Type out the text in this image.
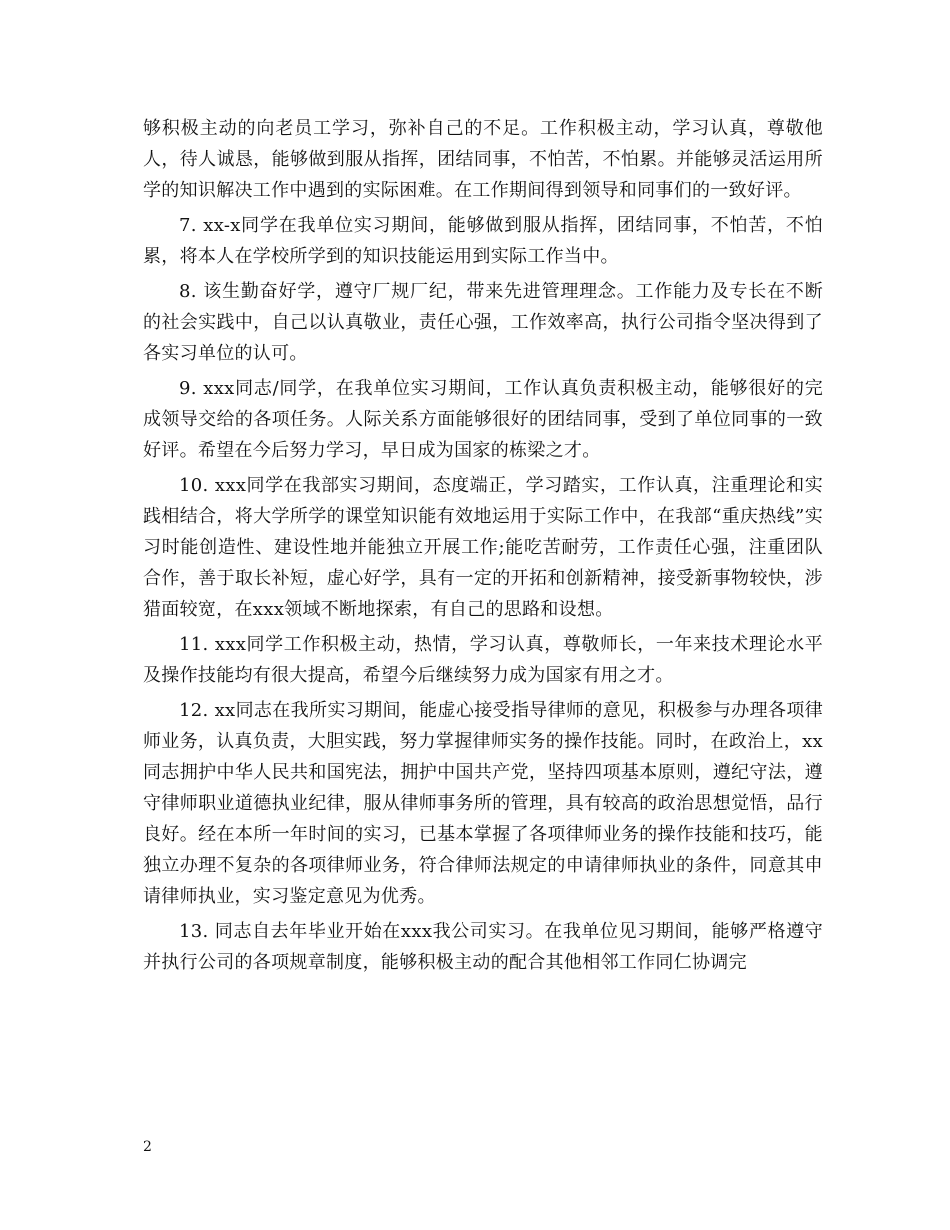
够积极主动的向老员工学习，弥补自己的不足。工作积极主动，学习认真，尊敬他人，待人诚恳，能够做到服从指挥，团结同事，不怕苦，不怕累。并能够灵活运用所学的知识解决工作中遇到的实际困难。在工作期间得到领导和同事们的一致好评。

7. xx-x同学在我单位实习期间，能够做到服从指挥，团结同事，不怕苦，不怕累，将本人在学校所学到的知识技能运用到实际工作当中。

8. 该生勤奋好学，遵守厂规厂纪，带来先进管理理念。工作能力及专长在不断的社会实践中，自己以认真敬业，责任心强，工作效率高，执行公司指令坚决得到了各实习单位的认可。

9. xxx同志/同学，在我单位实习期间，工作认真负责积极主动，能够很好的完成领导交给的各项任务。人际关系方面能够很好的团结同事，受到了单位同事的一致好评。希望在今后努力学习，早日成为国家的栋梁之才。

10. xxx同学在我部实习期间，态度端正，学习踏实，工作认真，注重理论和实践相结合，将大学所学的课堂知识能有效地运用于实际工作中，在我部“重庆热线”实习时能创造性、建设性地并能独立开展工作;能吃苦耐劳，工作责任心强，注重团队合作，善于取长补短，虚心好学，具有一定的开拓和创新精神，接受新事物较快，涉猎面较宽，在xxx领域不断地探索，有自己的思路和设想。

11. xxx同学工作积极主动，热情，学习认真，尊敬师长，一年来技术理论水平及操作技能均有很大提高，希望今后继续努力成为国家有用之才。

12. xx同志在我所实习期间，能虚心接受指导律师的意见，积极参与办理各项律师业务，认真负责，大胆实践，努力掌握律师实务的操作技能。同时，在政治上，xx同志拥护中华人民共和国宪法，拥护中国共产党，坚持四项基本原则，遵纪守法，遵守律师职业道德执业纪律，服从律师事务所的管理，具有较高的政治思想觉悟，品行良好。经在本所一年时间的实习，已基本掌握了各项律师业务的操作技能和技巧，能独立办理不复杂的各项律师业务，符合律师法规定的申请律师执业的条件，同意其申请律师执业，实习鉴定意见为优秀。

13. 同志自去年毕业开始在xxx我公司实习。在我单位见习期间，能够严格遵守并执行公司的各项规章制度，能够积极主动的配合其他相邻工作同仁协调完

2
